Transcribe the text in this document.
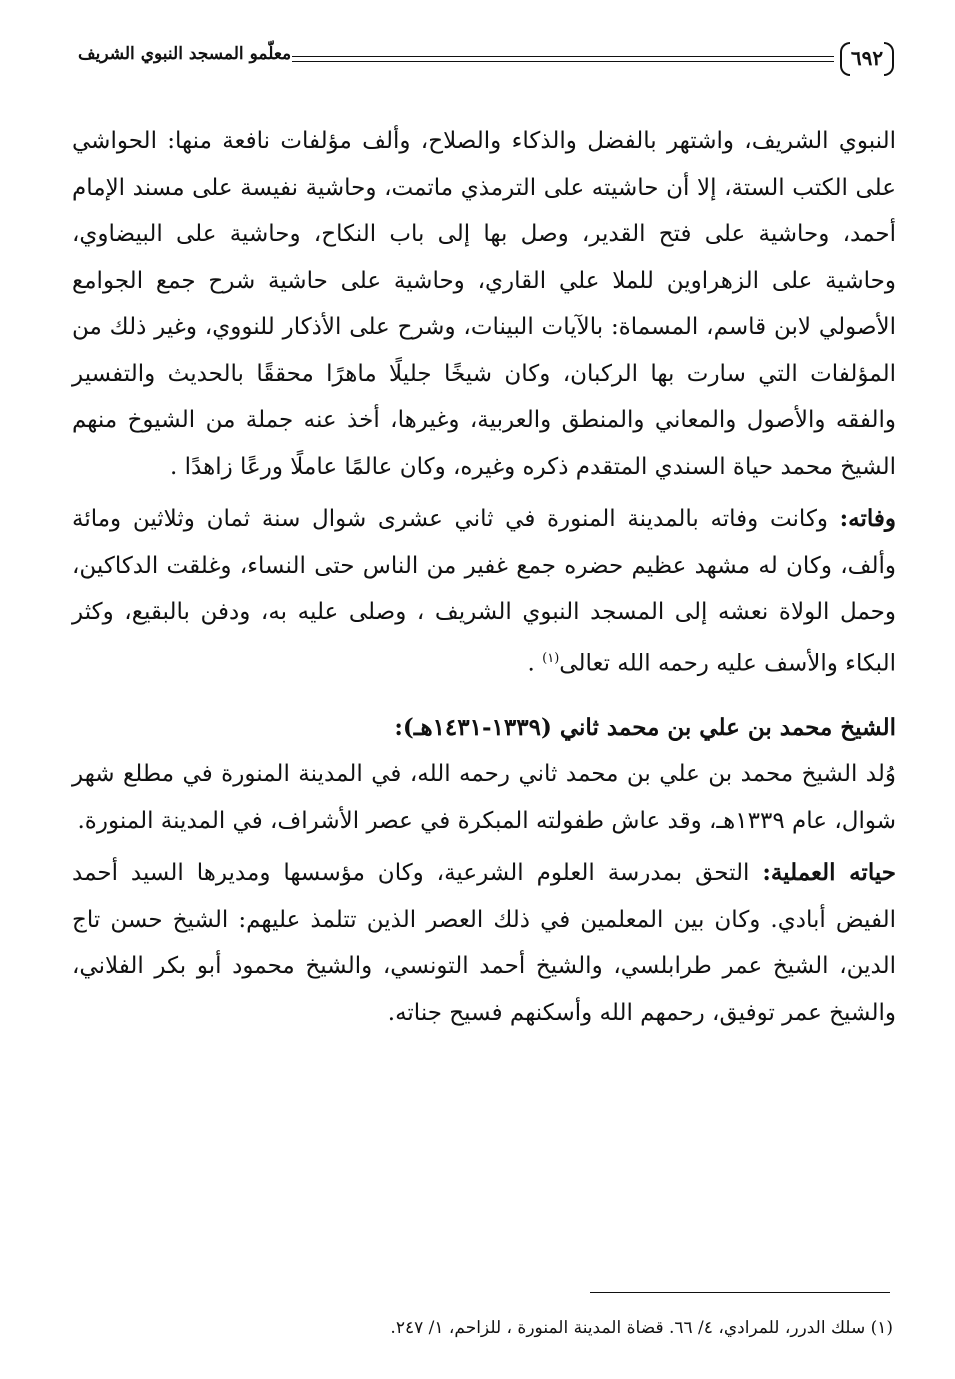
معلّمو المسجد النبوي الشريف	٦٩٢

النبوي الشريف، واشتهر بالفضل والذكاء والصلاح، وألف مؤلفات نافعة منها: الحواشي على الكتب الستة، إلا أن حاشيته على الترمذي ماتمت، وحاشية نفيسة على مسند الإمام أحمد، وحاشية على فتح القدير، وصل بها إلى باب النكاح، وحاشية على البيضاوي، وحاشية على الزهراوين للملا علي القاري، وحاشية على حاشية شرح جمع الجوامع الأصولي لابن قاسم، المسماة: بالآيات البينات، وشرح على الأذكار للنووي، وغير ذلك من المؤلفات التي سارت بها الركبان، وكان شيخًا جليلًا ماهرًا محققًا بالحديث والتفسير والفقه والأصول والمعاني والمنطق والعربية، وغيرها، أخذ عنه جملة من الشيوخ منهم الشيخ محمد حياة السندي المتقدم ذكره وغيره، وكان عالمًا عاملًا ورعًا زاهدًا .

وفاته: وكانت وفاته بالمدينة المنورة في ثاني عشرى شوال سنة ثمان وثلاثين ومائة وألف، وكان له مشهد عظيم حضره جمع غفير من الناس حتى النساء، وغلقت الدكاكين، وحمل الولاة نعشه إلى المسجد النبوي الشريف ، وصلى عليه به، ودفن بالبقيع، وكثر البكاء والأسف عليه رحمه الله تعالى$^{(١)}$ .

الشيخ محمد بن علي بن محمد ثاني (١٣٣٩-١٤٣١هـ):

وُلد الشيخ محمد بن علي بن محمد ثاني رحمه الله، في المدينة المنورة في مطلع شهر شوال، عام ١٣٣٩هـ، وقد عاش طفولته المبكرة في عصر الأشراف، في المدينة المنورة.

حياته العملية: التحق بمدرسة العلوم الشرعية، وكان مؤسسها ومديرها السيد أحمد الفيض أبادي. وكان بين المعلمين في ذلك العصر الذين تتلمذ عليهم: الشيخ حسن تاج الدين، الشيخ عمر طرابلسي، والشيخ أحمد التونسي، والشيخ محمود أبو بكر الفلاني، والشيخ عمر توفيق، رحمهم الله وأسكنهم فسيح جناته.

(١) سلك الدرر، للمرادي، ٤/ ٦٦. قضاة المدينة المنورة ، للزاحم، ١/ ٢٤٧.
